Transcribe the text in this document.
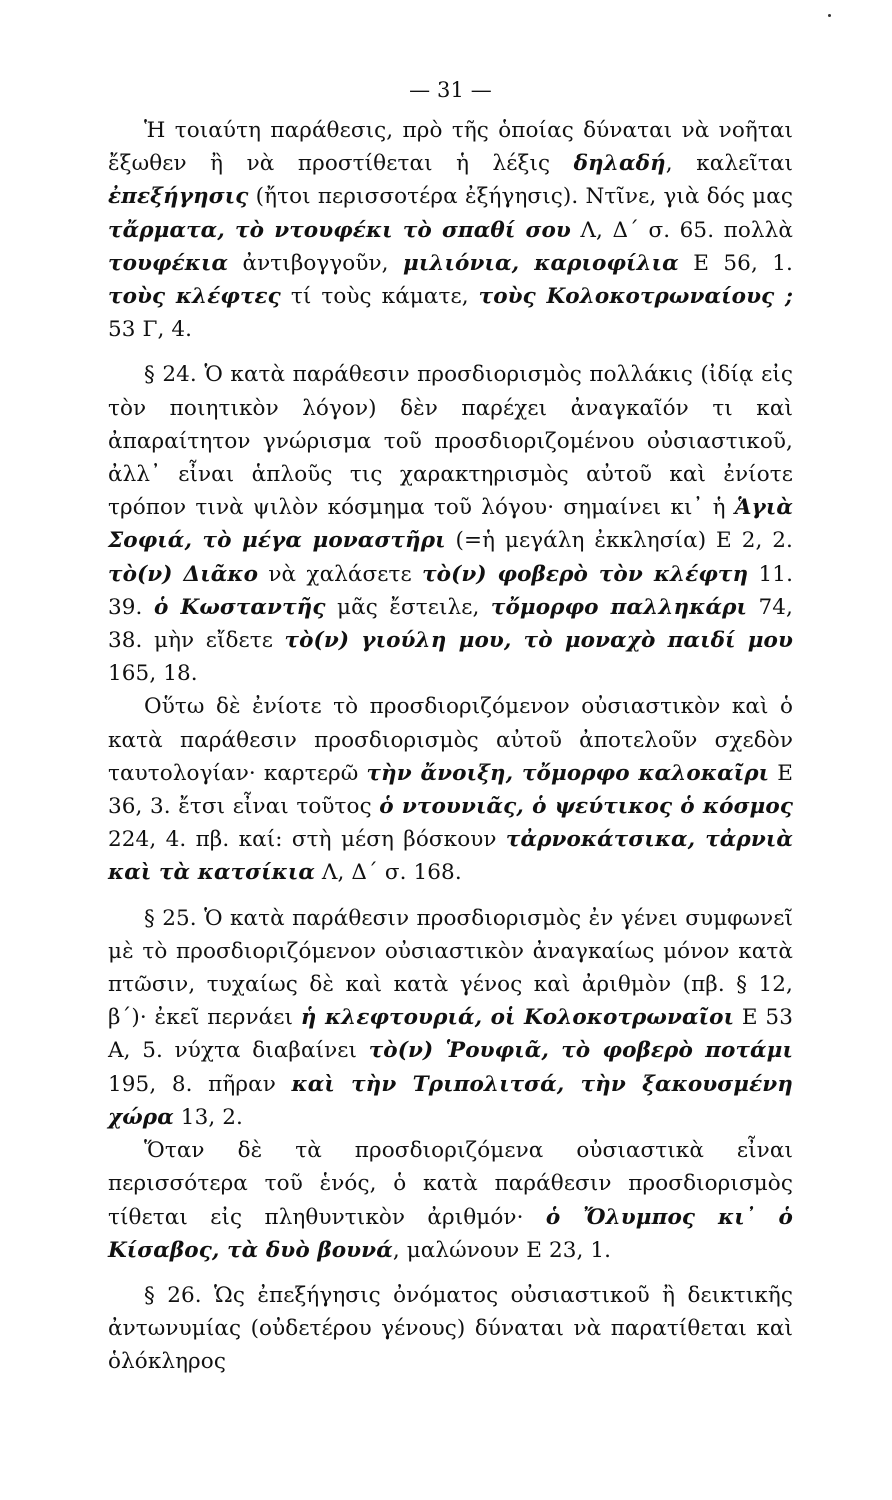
— 31 —

Ἡ τοιαύτη παράθεσις, πρὸ τῆς ὁποίας δύναται νὰ νοῆται ἔξωθεν ἢ νὰ προστίθεται ἡ λέξις δηλαδή, καλεῖται ἐπεξήγησις (ἤτοι περισσοτέρα ἐξήγησις). Ντῖνε, γιὰ δός μας τἄρματα, τὸ ντουφέκι τὸ σπαθί σου Λ, Δ΄ σ. 65. πολλὰ τουφέκια ἀντιβογγοῦν, μιλιόνια, καριοφίλια Ε 56, 1. τοὺς κλέφτες τί τοὺς κάματε, τοὺς Κολοκοτρωναίους ; 53 Γ, 4.

§ 24. Ὁ κατὰ παράθεσιν προσδιορισμὸς πολλάκις (ἰδίᾳ εἰς τὸν ποιητικὸν λόγον) δὲν παρέχει ἀναγκαῖόν τι καὶ ἀπαραίτητον γνώρισμα τοῦ προσδιοριζομένου οὐσιαστικοῦ, ἀλλ᾽ εἶναι ἁπλοῦς τις χαρακτηρισμὸς αὐτοῦ καὶ ἐνίοτε τρόπον τινὰ ψιλὸν κόσμημα τοῦ λόγου· σημαίνει κι᾽ ἡ Ἁγιὰ Σοφιά, τὸ μέγα μοναστῆρι (=ἡ μεγάλη ἐκκλησία) Ε 2, 2. τὸ(ν) Διᾶκο νὰ χαλάσετε τὸ(ν) φοβερὸ τὸν κλέφτη 11. 39. ὁ Κωσταντῆς μᾶς ἔστειλε, τὄμορφο παλληκάρι 74, 38. μὴν εἴδετε τὸ(ν) γιούλη μου, τὸ μοναχὸ παιδί μου 165, 18.

Οὕτω δὲ ἐνίοτε τὸ προσδιοριζόμενον οὐσιαστικὸν καὶ ὁ κατὰ παράθεσιν προσδιορισμὸς αὐτοῦ ἀποτελοῦν σχεδὸν ταυτολογίαν· καρτερῶ τὴν ἄνοιξη, τὄμορφο καλοκαῖρι Ε 36, 3. ἔτσι εἶναι τοῦτος ὁ ντουνιᾶς, ὁ ψεύτικος ὁ κόσμος 224, 4. πβ. καί: στὴ μέση βόσκουν τἀρνοκάτσικα, τἀρνιὰ καὶ τὰ κατσίκια Λ, Δ΄ σ. 168.

§ 25. Ὁ κατὰ παράθεσιν προσδιορισμὸς ἐν γένει συμφωνεῖ μὲ τὸ προσδιοριζόμενον οὐσιαστικὸν ἀναγκαίως μόνον κατὰ πτῶσιν, τυχαίως δὲ καὶ κατὰ γένος καὶ ἀριθμὸν (πβ. § 12, β΄)· ἐκεῖ περνάει ἡ κλεφτουριά, οἱ Κολοκοτρωναῖοι Ε 53 Α, 5. νύχτα διαβαίνει τὸ(ν) Ῥουφιᾶ, τὸ φοβερὸ ποτάμι 195, 8. πῆραν καὶ τὴν Τριπολιτσά, τὴν ξακουσμένη χώρα 13, 2.

Ὅταν δὲ τὰ προσδιοριζόμενα οὐσιαστικὰ εἶναι περισσότερα τοῦ ἑνός, ὁ κατὰ παράθεσιν προσδιορισμὸς τίθεται εἰς πληθυντικὸν ἀριθμόν· ὁ Ὄλυμπος κι᾽ ὁ Κίσαβος, τὰ δυὸ βουνά, μαλώνουν Ε 23, 1.

§ 26. Ὡς ἐπεξήγησις ὀνόματος οὐσιαστικοῦ ἢ δεικτικῆς ἀντωνυμίας (οὐδετέρου γένους) δύναται νὰ παρατίθεται καὶ ὁλόκληρος
